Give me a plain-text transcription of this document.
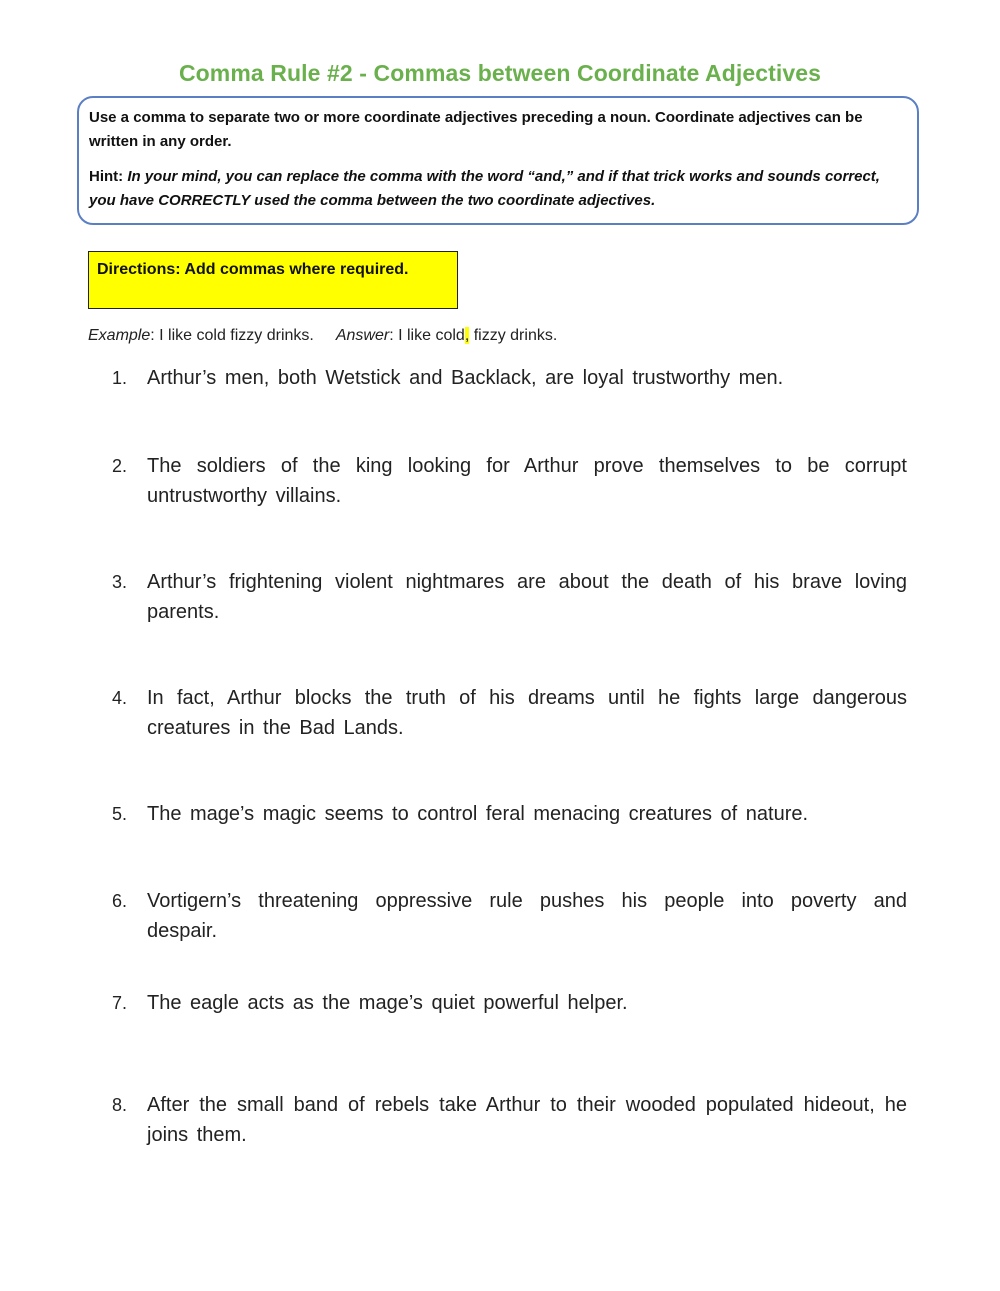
Comma Rule #2 - Commas between Coordinate Adjectives

Use a comma to separate two or more coordinate adjectives preceding a noun. Coordinate adjectives can be written in any order.

Hint: In your mind, you can replace the comma with the word “and,” and if that trick works and sounds correct, you have CORRECTLY used the comma between the two coordinate adjectives.

Directions: Add commas where required.
Example: I like cold fizzy drinks. Answer: I like cold, fizzy drinks.
1. Arthur’s men, both Wetstick and Backlack, are loyal trustworthy men.
2. The soldiers of the king looking for Arthur prove themselves to be corrupt untrustworthy villains.
3. Arthur’s frightening violent nightmares are about the death of his brave loving parents.
4. In fact, Arthur blocks the truth of his dreams until he fights large dangerous creatures in the Bad Lands.
5. The mage’s magic seems to control feral menacing creatures of nature.
6. Vortigern’s threatening oppressive rule pushes his people into poverty and despair.
7. The eagle acts as the mage’s quiet powerful helper.
8. After the small band of rebels take Arthur to their wooded populated hideout, he joins them.
